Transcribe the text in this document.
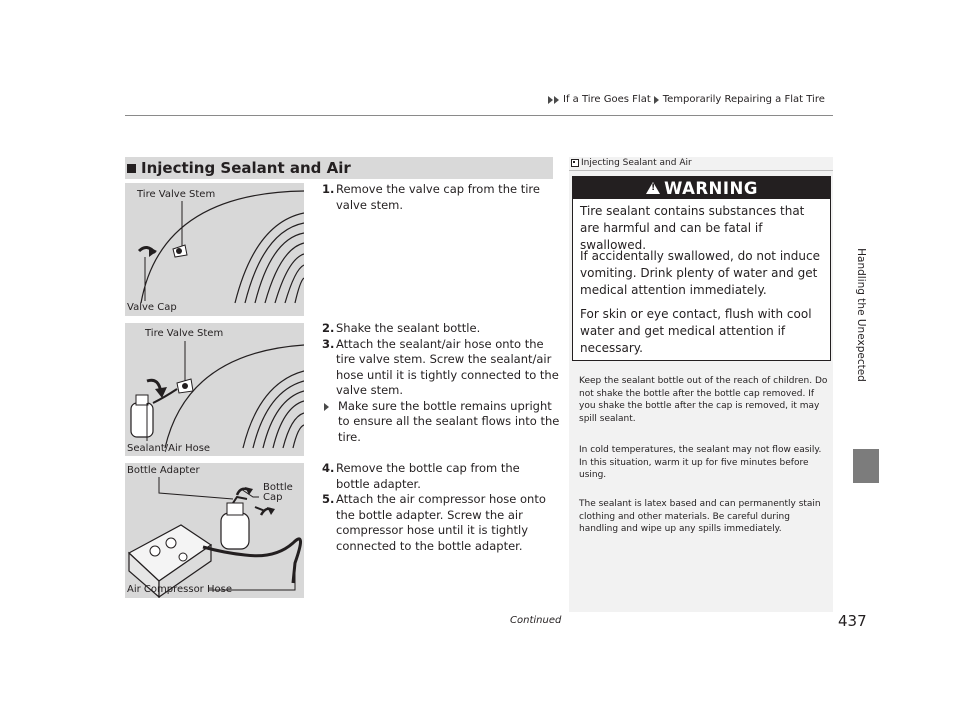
If a Tire Goes Flat Temporarily Repairing a Flat Tire
Handling the Unexpected
Injecting Sealant and Air
Tire Valve Stem
Valve Cap
Tire Valve Stem
Sealant/Air Hose
Bottle Adapter
Bottle
Cap
Air Compressor Hose
1. Remove the valve cap from the tire valve stem.
2. Shake the sealant bottle.
3. Attach the sealant/air hose onto the tire valve stem. Screw the sealant/air hose until it is tightly connected to the valve stem.
Make sure the bottle remains upright to ensure all the sealant flows into the tire.
4. Remove the bottle cap from the bottle adapter.
5. Attach the air compressor hose onto the bottle adapter. Screw the air compressor hose until it is tightly connected to the bottle adapter.
Injecting Sealant and Air
!
WARNING
Tire sealant contains substances that are harmful and can be fatal if swallowed.
If accidentally swallowed, do not induce vomiting. Drink plenty of water and get medical attention immediately.
For skin or eye contact, flush with cool water and get medical attention if necessary.
Keep the sealant bottle out of the reach of children. Do not shake the bottle after the bottle cap removed. If you shake the bottle after the cap is removed, it may spill sealant.
In cold temperatures, the sealant may not flow easily. In this situation, warm it up for five minutes before using.
The sealant is latex based and can permanently stain clothing and other materials. Be careful during handling and wipe up any spills immediately.
Continued	437
